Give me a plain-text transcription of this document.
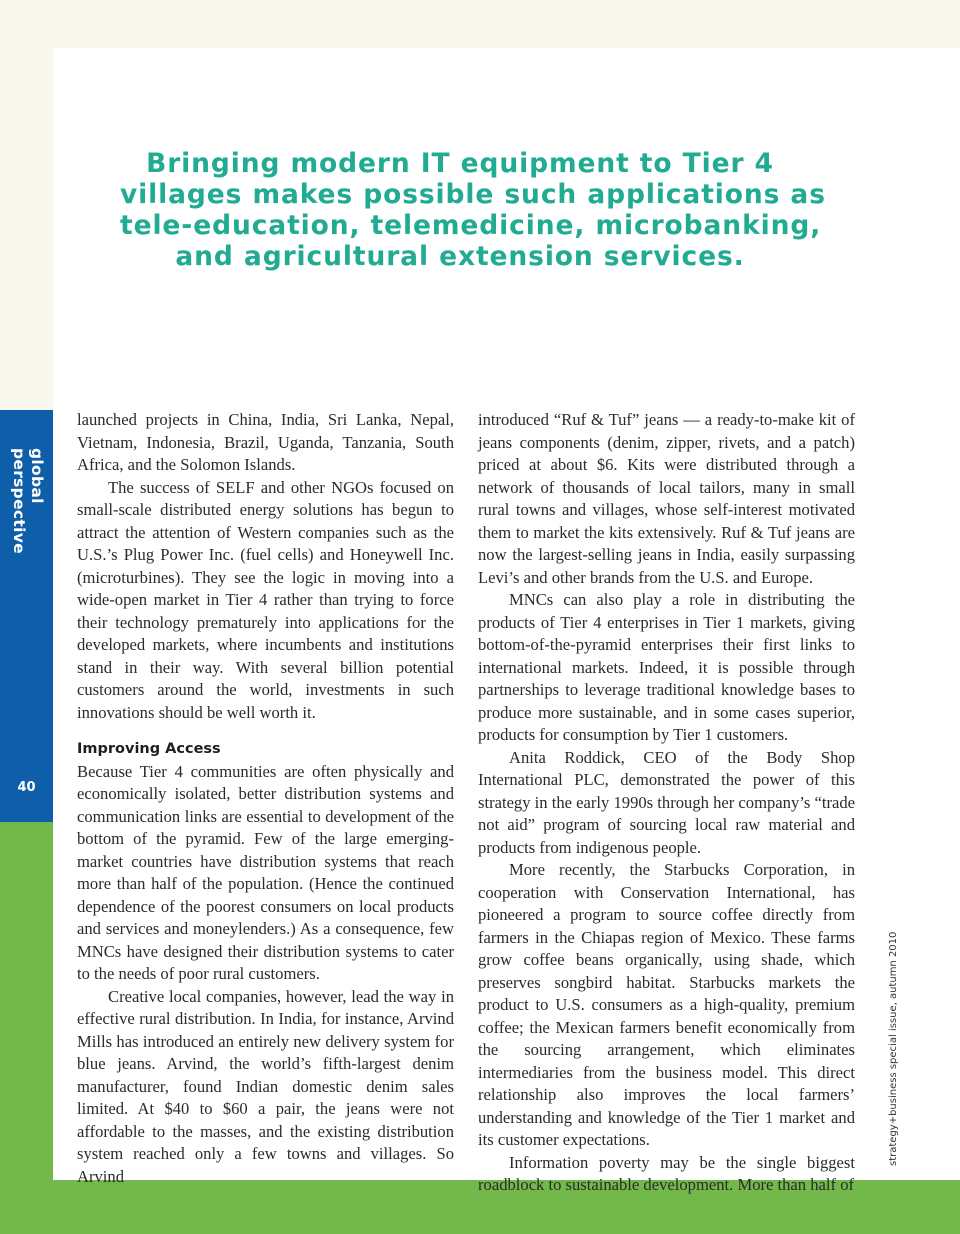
global perspective
40
Bringing modern IT equipment to Tier 4
villages makes possible such applications as
tele-education, telemedicine, microbanking,
and agricultural extension services.

launched projects in China, India, Sri Lanka, Nepal, Vietnam, Indonesia, Brazil, Uganda, Tanzania, South Africa, and the Solomon Islands.

The success of SELF and other NGOs focused on small-scale distributed energy solutions has begun to attract the attention of Western companies such as the U.S.’s Plug Power Inc. (fuel cells) and Honeywell Inc. (microturbines). They see the logic in moving into a wide-open market in Tier 4 rather than trying to force their technology prematurely into applications for the developed markets, where incumbents and institutions stand in their way. With several billion potential customers around the world, investments in such innovations should be well worth it.

Improving Access

Because Tier 4 communities are often physically and economically isolated, better distribution systems and communication links are essential to development of the bottom of the pyramid. Few of the large emerging-market countries have distribution systems that reach more than half of the population. (Hence the continued dependence of the poorest consumers on local products and services and moneylenders.) As a consequence, few MNCs have designed their distribution systems to cater to the needs of poor rural customers.

Creative local companies, however, lead the way in effective rural distribution. In India, for instance, Arvind Mills has introduced an entirely new delivery system for blue jeans. Arvind, the world’s fifth-largest denim manufacturer, found Indian domestic denim sales limited. At $40 to $60 a pair, the jeans were not affordable to the masses, and the existing distribution system reached only a few towns and villages. So Arvind

introduced “Ruf & Tuf” jeans — a ready-to-make kit of jeans components (denim, zipper, rivets, and a patch) priced at about $6. Kits were distributed through a network of thousands of local tailors, many in small rural towns and villages, whose self-interest motivated them to market the kits extensively. Ruf & Tuf jeans are now the largest-selling jeans in India, easily surpassing Levi’s and other brands from the U.S. and Europe.

MNCs can also play a role in distributing the products of Tier 4 enterprises in Tier 1 markets, giving bottom-of-the-pyramid enterprises their first links to international markets. Indeed, it is possible through partnerships to leverage traditional knowledge bases to produce more sustainable, and in some cases superior, products for consumption by Tier 1 customers.

Anita Roddick, CEO of the Body Shop International PLC, demonstrated the power of this strategy in the early 1990s through her company’s “trade not aid” program of sourcing local raw material and products from indigenous people.

More recently, the Starbucks Corporation, in cooperation with Conservation International, has pioneered a program to source coffee directly from farmers in the Chiapas region of Mexico. These farms grow coffee beans organically, using shade, which preserves songbird habitat. Starbucks markets the product to U.S. consumers as a high-quality, premium coffee; the Mexican farmers benefit economically from the sourcing arrangement, which eliminates intermediaries from the business model. This direct relationship also improves the local farmers’ understanding and knowledge of the Tier 1 market and its customer expectations.

Information poverty may be the single biggest roadblock to sustainable development. More than half of

strategy+business special issue, autumn 2010
